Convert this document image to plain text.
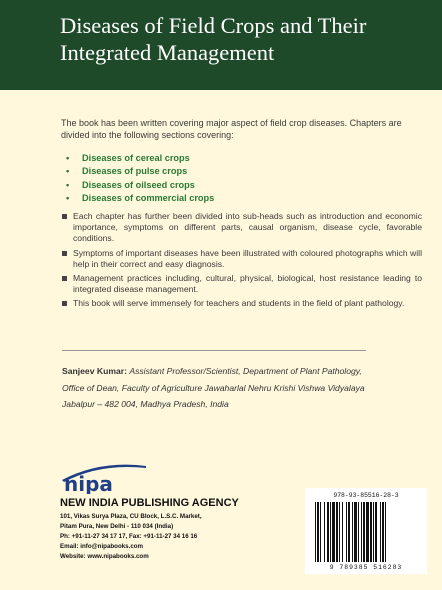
Diseases of Field Crops and Their
Integrated Management

The book has been written covering major aspect of field crop diseases. Chapters are divided into the following sections covering:

• Diseases of cereal crops
• Diseases of pulse crops
• Diseases of oilseed crops
• Diseases of commercial crops
Each chapter has further been divided into sub-heads such as introduction and economic importance, symptoms on different parts, causal organism, disease cycle, favorable conditions.
Symptoms of important diseases have been illustrated with coloured photographs which will help in their correct and easy diagnosis.
Management practices including, cultural, physical, biological, host resistance leading to integrated disease management.
This book will serve immensely for teachers and students in the field of plant pathology.
Sanjeev Kumar: Assistant Professor/Scientist, Department of Plant Pathology,
Office of Dean, Faculty of Agriculture Jawaharlal Nehru Krishi Vishwa Vidyalaya
Jabalpur – 482 004, Madhya Pradesh, India
nipa
NEW INDIA PUBLISHING AGENCY
101, Vikas Surya Plaza, CU Block, L.S.C. Market,
Pitam Pura, New Delhi - 110 034 (India)
Ph: +91-11-27 34 17 17, Fax: +91-11-27 34 16 16
Email: info@nipabooks.com
Website: www.nipabooks.com
978-93-85516-28-3
9 789385 516283
